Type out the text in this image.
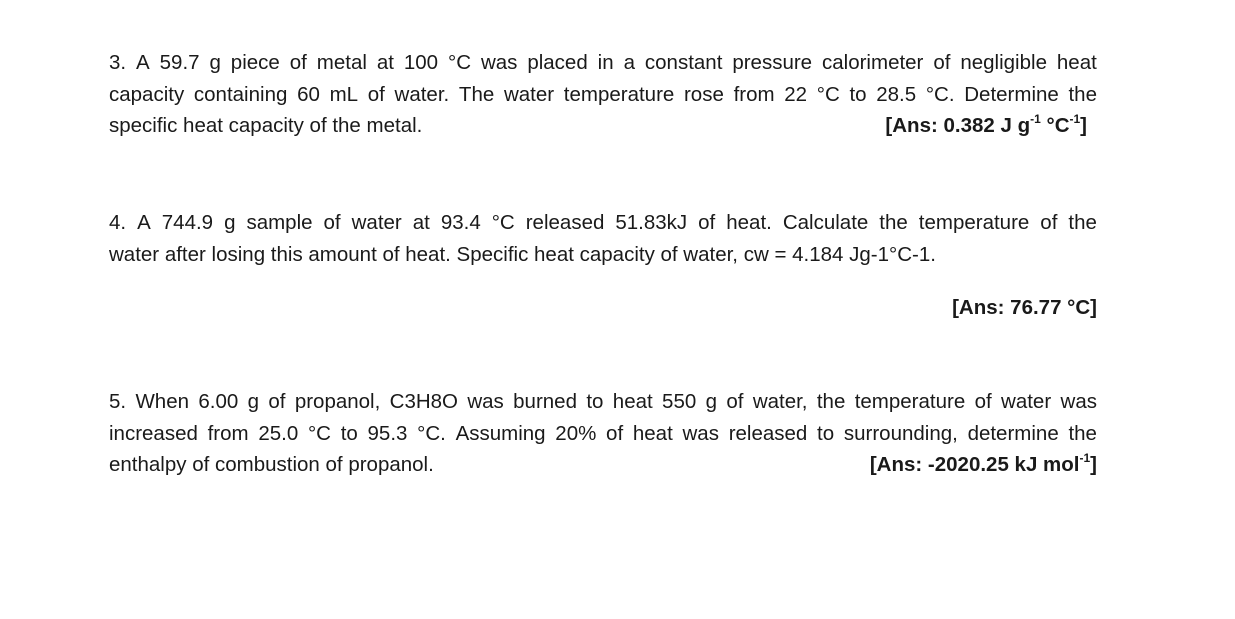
3. A 59.7 g piece of metal at 100 °C was placed in a constant pressure calorimeter of negligible heat
capacity containing 60 mL of water. The water temperature rose from 22 °C to 28.5 °C. Determine the
specific heat capacity of the metal.	[Ans: 0.382 J $g^{-1}$ $^\circ C^{-1}$]
4. A 744.9 g sample of water at 93.4 °C released 51.83kJ of heat. Calculate the temperature of the
water after losing this amount of heat. Specific heat capacity of water, cw = 4.184 Jg-1°C-1.
[Ans: 76.77 °C]
5. When 6.00 g of propanol, C3H8O was burned to heat 550 g of water, the temperature of water was
increased from 25.0 °C to 95.3 °C. Assuming 20% of heat was released to surrounding, determine the
enthalpy of combustion of propanol.	[Ans: -2020.25 kJ mol$^{-1}$]
